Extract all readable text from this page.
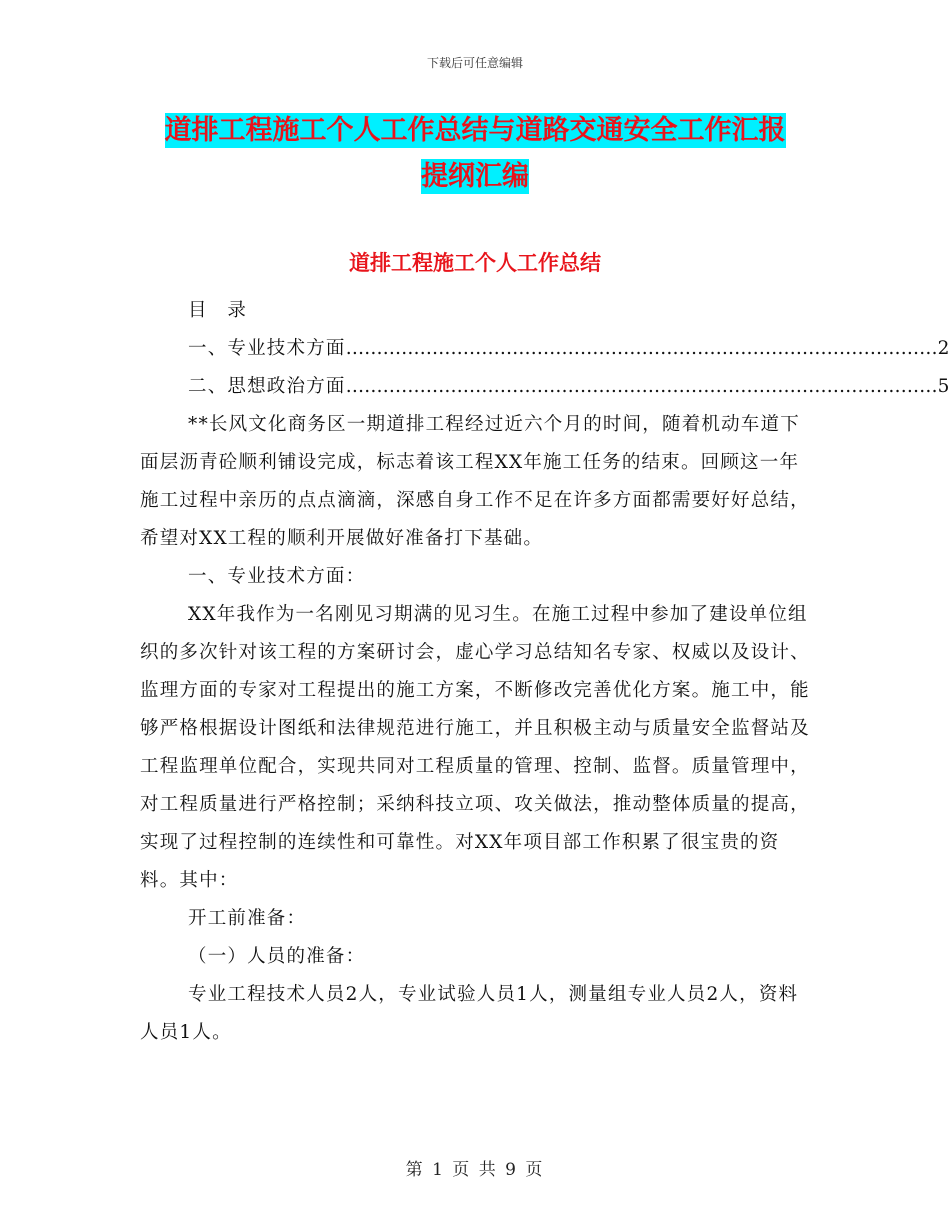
下载后可任意编辑
道排工程施工个人工作总结与道路交通安全工作汇报
提纲汇编
道排工程施工个人工作总结

目　录

一、专业技术方面 …………………………………………………………………………………… 2
二、思想政治方面 …………………………………………………………………………………… 5

**长风文化商务区一期道排工程经过近六个月的时间，随着机动车道下面层沥青砼顺利铺设完成，标志着该工程XX年施工任务的结束。回顾这一年施工过程中亲历的点点滴滴，深感自身工作不足在许多方面都需要好好总结，希望对XX工程的顺利开展做好准备打下基础。

一、专业技术方面：

XX年我作为一名刚见习期满的见习生。在施工过程中参加了建设单位组织的多次针对该工程的方案研讨会，虚心学习总结知名专家、权威以及设计、监理方面的专家对工程提出的施工方案，不断修改完善优化方案。施工中，能够严格根据设计图纸和法律规范进行施工，并且积极主动与质量安全监督站及工程监理单位配合，实现共同对工程质量的管理、控制、监督。质量管理中，对工程质量进行严格控制；采纳科技立项、攻关做法，推动整体质量的提高，实现了过程控制的连续性和可靠性。对XX年项目部工作积累了很宝贵的资料。其中：

开工前准备：

（一）人员的准备：

专业工程技术人员2人，专业试验人员1人，测量组专业人员2人，资料人员1人。

第 1 页 共 9 页
